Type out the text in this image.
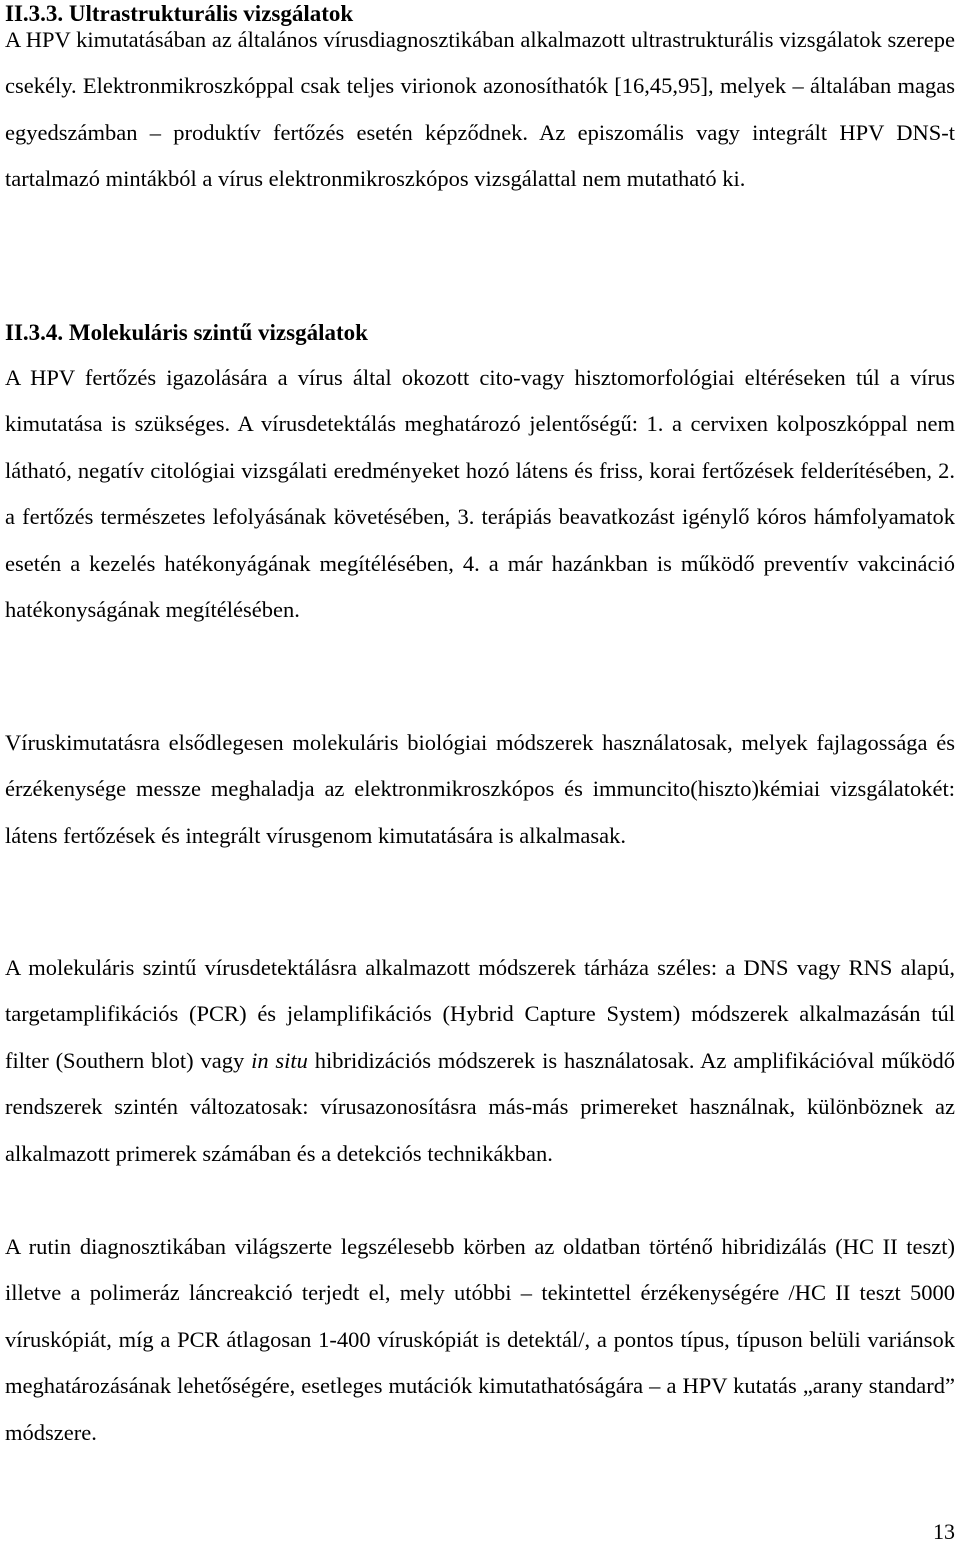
II.3.3. Ultrastrukturális vizsgálatok

A HPV kimutatásában az általános vírusdiagnosztikában alkalmazott ultrastrukturális vizsgálatok szerepe csekély. Elektronmikroszkóppal csak teljes virionok azonosíthatók [16,45,95], melyek – általában magas egyedszámban – produktív fertőzés esetén képződnek. Az episzomális vagy integrált HPV DNS-t tartalmazó mintákból a vírus elektronmikroszkópos vizsgálattal nem mutatható ki.

II.3.4. Molekuláris szintű vizsgálatok

A HPV fertőzés igazolására a vírus által okozott cito-vagy hisztomorfológiai eltéréseken túl a vírus kimutatása is szükséges. A vírusdetektálás meghatározó jelentőségű: 1. a cervixen kolposzkóppal nem látható, negatív citológiai vizsgálati eredményeket hozó látens és friss, korai fertőzések felderítésében, 2. a fertőzés természetes lefolyásának követésében, 3. terápiás beavatkozást igénylő kóros hámfolyamatok esetén a kezelés hatékonyágának megítélésében, 4. a már hazánkban is működő preventív vakcináció hatékonyságának megítélésében.

Víruskimutatásra elsődlegesen molekuláris biológiai módszerek használatosak, melyek fajlagossága és érzékenysége messze meghaladja az elektronmikroszkópos és immuncito(hiszto)kémiai vizsgálatokét: látens fertőzések és integrált vírusgenom kimutatására is alkalmasak.

A molekuláris szintű vírusdetektálásra alkalmazott módszerek tárháza széles: a DNS vagy RNS alapú, targetamplifikációs (PCR) és jelamplifikációs (Hybrid Capture System) módszerek alkalmazásán túl filter (Southern blot) vagy in situ hibridizációs módszerek is használatosak. Az amplifikációval működő rendszerek szintén változatosak: vírusazonosításra más-más primereket használnak, különböznek az alkalmazott primerek számában és a detekciós technikákban.

A rutin diagnosztikában világszerte legszélesebb körben az oldatban történő hibridizálás (HC II teszt) illetve a polimeráz láncreakció terjedt el, mely utóbbi – tekintettel érzékenységére /HC II teszt 5000 víruskópiát, míg a PCR átlagosan 1-400 víruskópiát is detektál/, a pontos típus, típuson belüli variánsok meghatározásának lehetőségére, esetleges mutációk kimutathatóságára – a HPV kutatás „arany standard” módszere.

13
